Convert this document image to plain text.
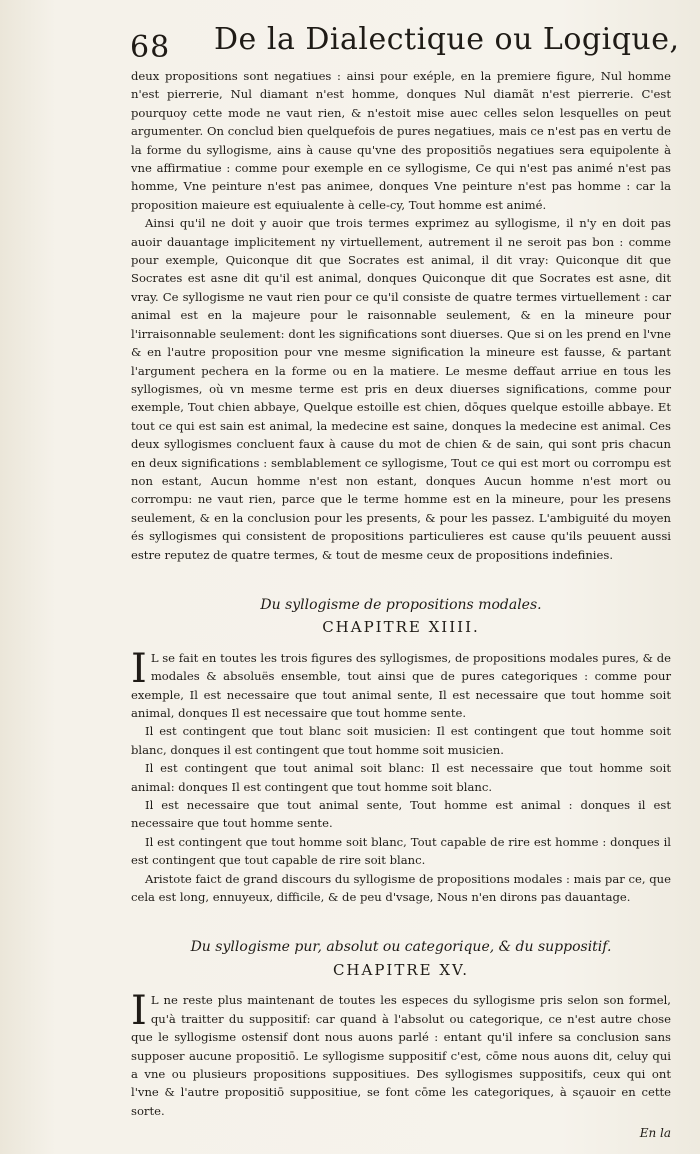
68 De la Dialectique ou Logique,

deux propositions sont negatiues : ainsi pour exéple, en la premiere figure, Nul homme n'est pierrerie, Nul diamant n'est homme, donques Nul diamãt n'est pierrerie. C'est pourquoy cette mode ne vaut rien, & n'estoit mise auec celles selon lesquelles on peut argumenter. On conclud bien quelquefois de pures negatiues, mais ce n'est pas en vertu de la forme du syllogisme, ains à cause qu'vne des propositiōs negatiues sera equipolente à vne affirmatiue : comme pour exemple en ce syllogisme, Ce qui n'est pas animé n'est pas homme, Vne peinture n'est pas animee, donques Vne peinture n'est pas homme : car la proposition maieure est equiualente à celle-cy, Tout homme est animé.

Ainsi qu'il ne doit y auoir que trois termes exprimez au syllogisme, il n'y en doit pas auoir dauantage implicitement ny virtuellement, autrement il ne seroit pas bon : comme pour exemple, Quiconque dit que Socrates est animal, il dit vray: Quiconque dit que Socrates est asne dit qu'il est animal, donques Quiconque dit que Socrates est asne, dit vray. Ce syllogisme ne vaut rien pour ce qu'il consiste de quatre termes virtuellement : car animal est en la majeure pour le raisonnable seulement, & en la mineure pour l'irraisonnable seulement: dont les significations sont diuerses. Que si on les prend en l'vne & en l'autre proposition pour vne mesme signification la mineure est fausse, & partant l'argument pechera en la forme ou en la matiere. Le mesme deffaut arriue en tous les syllogismes, où vn mesme terme est pris en deux diuerses significations, comme pour exemple, Tout chien abbaye, Quelque estoille est chien, dōques quelque estoille abbaye. Et tout ce qui est sain est animal, la medecine est saine, donques la medecine est animal. Ces deux syllogismes concluent faux à cause du mot de chien & de sain, qui sont pris chacun en deux significations : semblablement ce syllogisme, Tout ce qui est mort ou corrompu est non estant, Aucun homme n'est non estant, donques Aucun homme n'est mort ou corrompu: ne vaut rien, parce que le terme homme est en la mineure, pour les presens seulement, & en la conclusion pour les presents, & pour les passez. L'ambiguité du moyen és syllogismes qui consistent de propositions particulieres est cause qu'ils peuuent aussi estre reputez de quatre termes, & tout de mesme ceux de propositions indefinies.

Du syllogisme de propositions modales.
CHAPITRE XIIII.

I L se fait en toutes les trois figures des syllogismes, de propositions modales pures, & de modales & absoluës ensemble, tout ainsi que de pures categoriques : comme pour exemple, Il est necessaire que tout animal sente, Il est necessaire que tout homme soit animal, donques Il est necessaire que tout homme sente.

Il est contingent que tout blanc soit musicien: Il est contingent que tout homme soit blanc, donques il est contingent que tout homme soit musicien.

Il est contingent que tout animal soit blanc: Il est necessaire que tout homme soit animal: donques Il est contingent que tout homme soit blanc.

Il est necessaire que tout animal sente, Tout homme est animal : donques il est necessaire que tout homme sente.

Il est contingent que tout homme soit blanc, Tout capable de rire est homme : donques il est contingent que tout capable de rire soit blanc.

Aristote faict de grand discours du syllogisme de propositions modales : mais par ce, que cela est long, ennuyeux, difficile, & de peu d'vsage, Nous n'en dirons pas dauantage.

Du syllogisme pur, absolut ou categorique, & du suppositif.
CHAPITRE XV.

I L ne reste plus maintenant de toutes les especes du syllogisme pris selon son formel, qu'à traitter du suppositif: car quand à l'absolut ou categorique, ce n'est autre chose que le syllogisme ostensif dont nous auons parlé : entant qu'il infere sa conclusion sans supposer aucune propositiō. Le syllogisme suppositif c'est, cōme nous auons dit, celuy qui a vne ou plusieurs propositions suppositiues. Des syllogismes suppositifs, ceux qui ont l'vne & l'autre propositiō suppositiue, se font cōme les categoriques, à sçauoir en cette sorte.

En la
